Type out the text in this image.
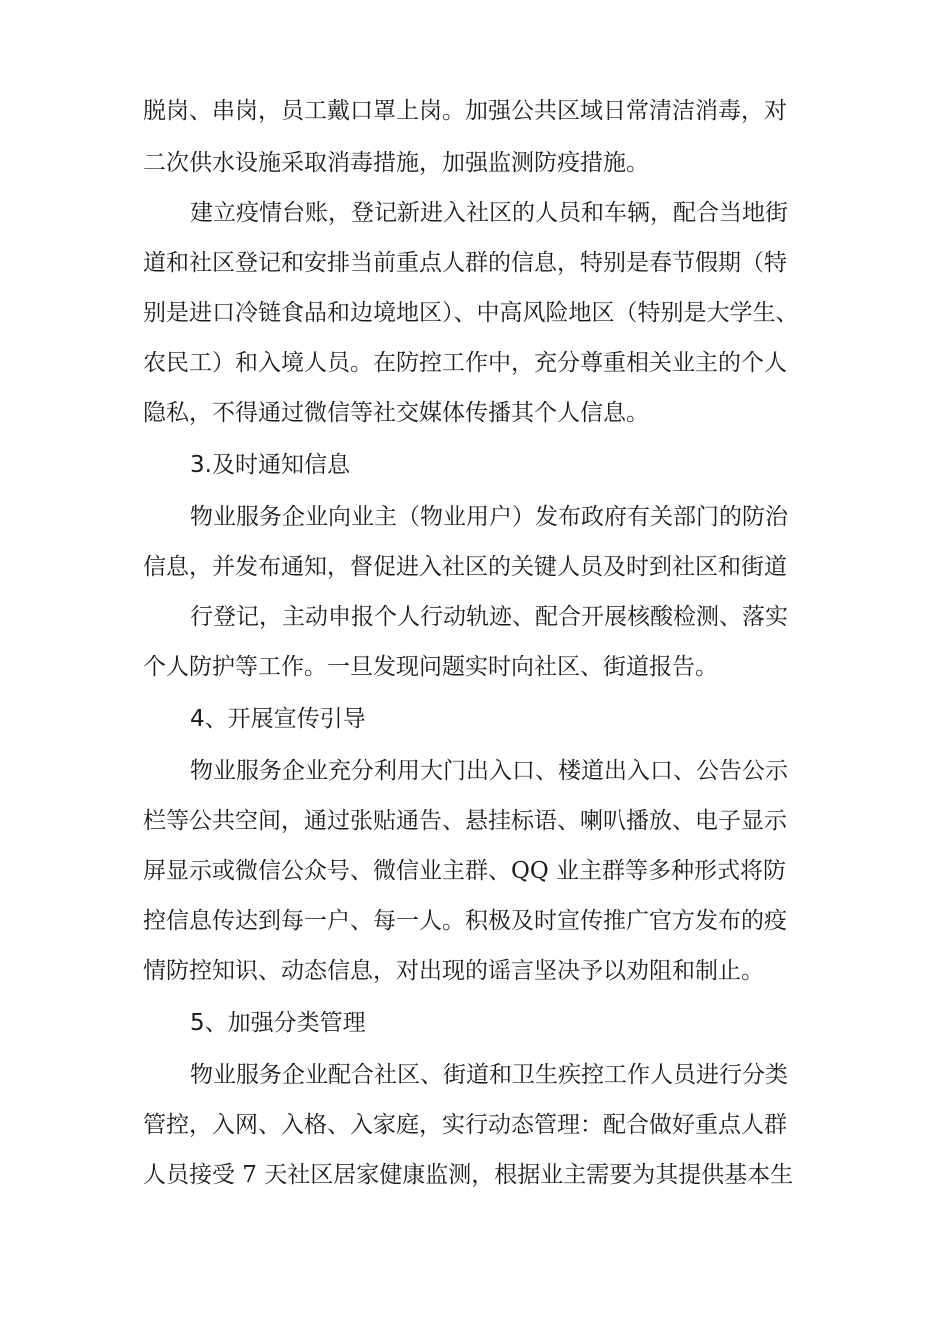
脱岗、串岗，员工戴口罩上岗。加强公共区域日常清洁消毒，对
二次供水设施采取消毒措施，加强监测防疫措施。
建立疫情台账，登记新进入社区的人员和车辆，配合当地街
道和社区登记和安排当前重点人群的信息，特别是春节假期（特
别是进口冷链食品和边境地区）、中高风险地区（特别是大学生、
农民工）和入境人员。在防控工作中，充分尊重相关业主的个人
隐私，不得通过微信等社交媒体传播其个人信息。
3.及时通知信息
物业服务企业向业主（物业用户）发布政府有关部门的防治
信息，并发布通知，督促进入社区的关键人员及时到社区和街道
行登记，主动申报个人行动轨迹、配合开展核酸检测、落实
个人防护等工作。一旦发现问题实时向社区、街道报告。
4、开展宣传引导
物业服务企业充分利用大门出入口、楼道出入口、公告公示
栏等公共空间，通过张贴通告、悬挂标语、喇叭播放、电子显示
屏显示或微信公众号、微信业主群、QQ 业主群等多种形式将防
控信息传达到每一户、每一人。积极及时宣传推广官方发布的疫
情防控知识、动态信息，对出现的谣言坚决予以劝阻和制止。
5、加强分类管理
物业服务企业配合社区、街道和卫生疾控工作人员进行分类
管控，入网、入格、入家庭，实行动态管理：配合做好重点人群
人员接受 7 天社区居家健康监测，根据业主需要为其提供基本生
